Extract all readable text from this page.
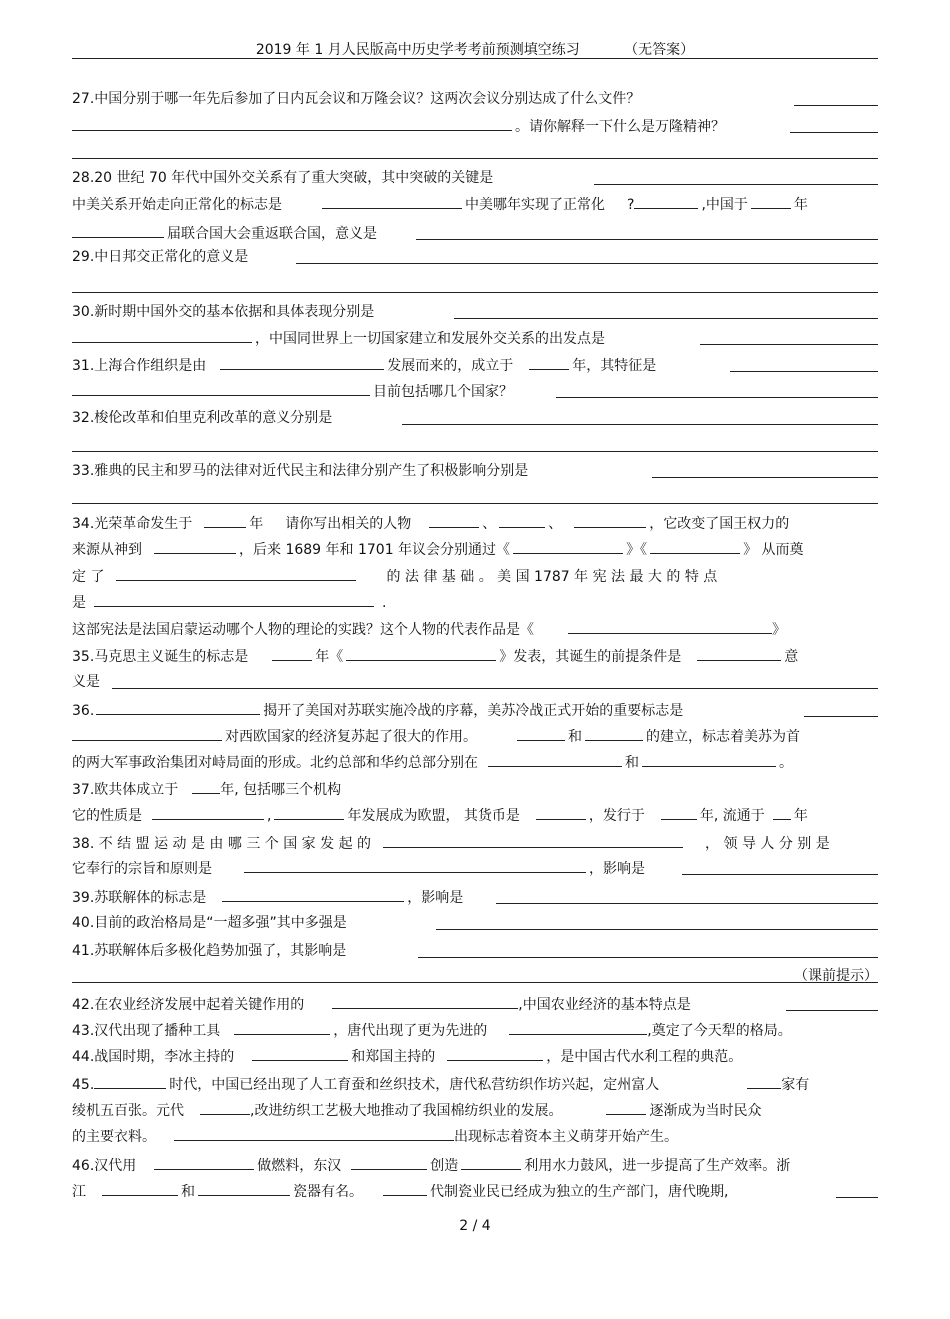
2019 年 1 月人民版高中历史学考考前预测填空练习	（无答案）
27.中国分别于哪一年先后参加了日内瓦会议和万隆会议？这两次会议分别达成了什么文件？
。请你解释一下什么是万隆精神？
28.20 世纪 70 年代中国外交关系有了重大突破，其中突破的关键是
中美关系开始走向正常化的标志是	中美哪年实现了正常化 ?	,中国于	年
届联合国大会重返联合国，意义是
29.中日邦交正常化的意义是
30.新时期中国外交的基本依据和具体表现分别是
，中国同世界上一切国家建立和发展外交关系的出发点是
31.上海合作组织是由	发展而来的，成立于	年，其特征是
目前包括哪几个国家？
32.梭伦改革和伯里克利改革的意义分别是
33.雅典的民主和罗马的法律对近代民主和法律分别产生了积极影响分别是
34.光荣革命发生于	年 请你写出相关的人物	、	、	，它改变了国王权力的
来源从神到	，后来 1689 年和 1701 年议会分别通过《	》《	》 从而奠
定 了	的 法 律 基 础 。 美 国 1787 年 宪 法 最 大 的 特 点
是	.
这部宪法是法国启蒙运动哪个人物的理论的实践？这个人物的代表作品是《	》
35.马克思主义诞生的标志是	年《	》发表，其诞生的前提条件是	意
义是
36.	揭开了美国对苏联实施冷战的序幕，美苏冷战正式开始的重要标志是
对西欧国家的经济复苏起了很大的作用。	和	的建立，标志着美苏为首
的两大军事政治集团对峙局面的形成。北约总部和华约总部分别在	和	。
37.欧共体成立于	年, 包括哪三个机构
它的性质是	,	年发展成为欧盟， 其货币是	，发行于	年, 流通于 年
38. 不 结 盟 运 动 是 由 哪 三 个 国 家 发 起 的	， 领 导 人 分 别 是
它奉行的宗旨和原则是	，影响是
39.苏联解体的标志是	，影响是
40.目前的政治格局是“一超多强”其中多强是
41.苏联解体后多极化趋势加强了，其影响是
（课前提示）
42.在农业经济发展中起着关键作用的	,中国农业经济的基本特点是
43.汉代出现了播种工具	，唐代出现了更为先进的	,奠定了今天犁的格局。
44.战国时期，李冰主持的	和郑国主持的	，是中国古代水利工程的典范。
45.	时代，中国已经出现了人工育蚕和丝织技术，唐代私营纺织作坊兴起，定州富人	家有
绫机五百张。元代	,改进纺织工艺极大地推动了我国棉纺织业的发展。	逐渐成为当时民众
的主要衣料。	出现标志着资本主义萌芽开始产生。
46.汉代用	做燃料，东汉	创造	利用水力鼓风，进一步提高了生产效率。浙
江	和	瓷器有名。	代制瓷业民已经成为独立的生产部门，唐代晚期,
2 / 4
